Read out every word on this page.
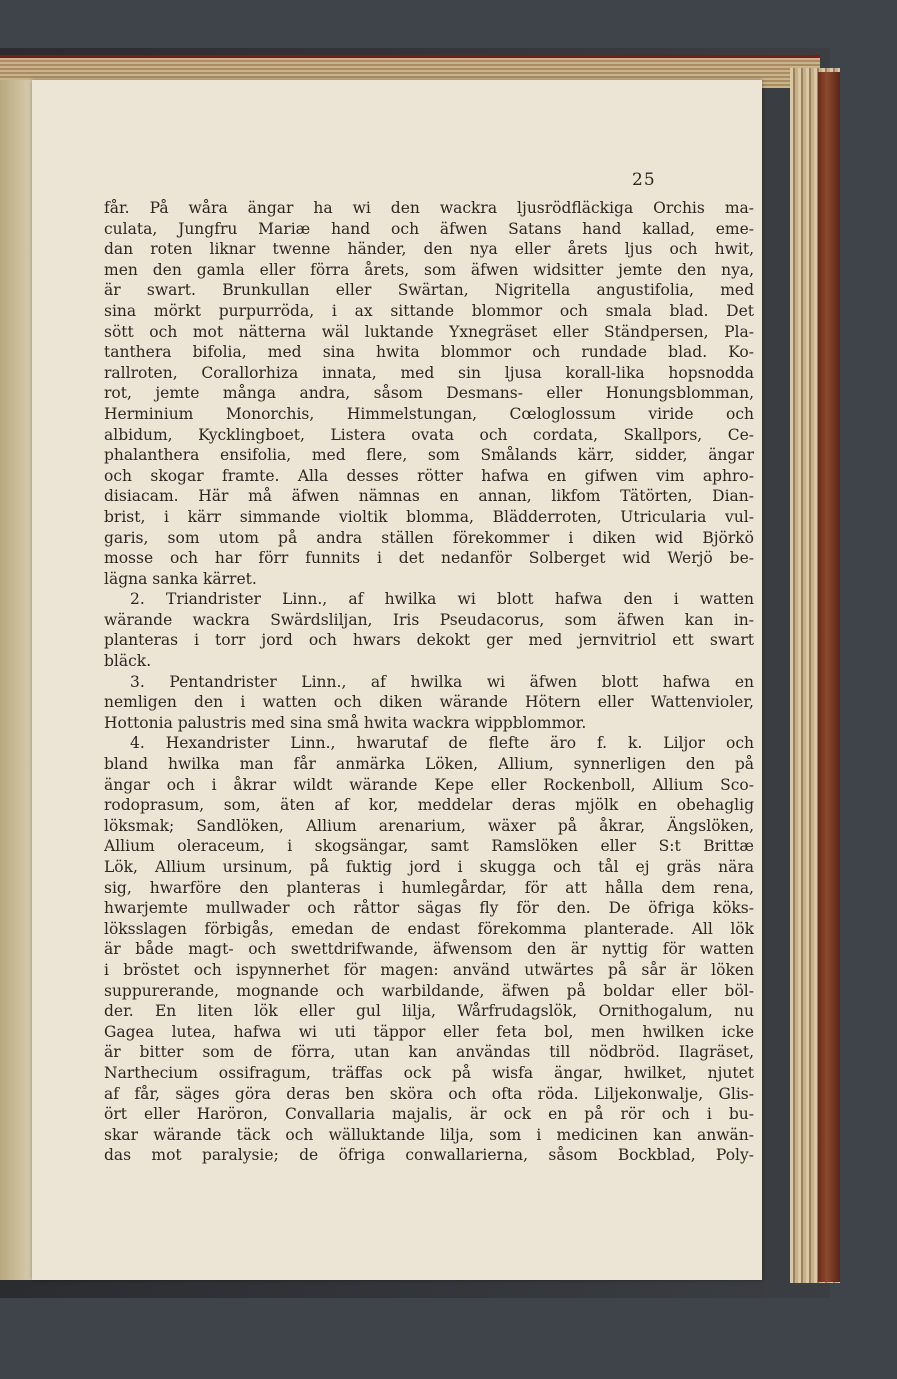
25
får. På wåra ängar ha wi den wackra ljusrödfläckiga Orchis ma-
culata, Jungfru Mariæ hand och äfwen Satans hand kallad, eme-
dan roten liknar twenne händer, den nya eller årets ljus och hwit,
men den gamla eller förra årets, som äfwen widsitter jemte den nya,
är swart. Brunkullan eller Swärtan, Nigritella angustifolia, med
sina mörkt purpurröda, i ax sittande blommor och smala blad. Det
sött och mot nätterna wäl luktande Yxnegräset eller Ständpersen, Pla-
tanthera bifolia, med sina hwita blommor och rundade blad. Ko-
rallroten, Corallorhiza innata, med sin ljusa korall-lika hopsnodda
rot, jemte många andra, såsom Desmans- eller Honungsblomman,
Herminium Monorchis, Himmelstungan, Cœloglossum viride och
albidum, Kycklingboet, Listera ovata och cordata, Skallpors, Ce-
phalanthera ensifolia, med flere, som Smålands kärr, sidder, ängar
och skogar framte. Alla desses rötter hafwa en gifwen vim aphro-
disiacam. Här må äfwen nämnas en annan, likfom Tätörten, Dian-
brist, i kärr simmande violtik blomma, Blädderroten, Utricularia vul-
garis, som utom på andra ställen förekommer i diken wid Björkö
mosse och har förr funnits i det nedanför Solberget wid Werjö be-
lägna sanka kärret.
2. Triandrister Linn., af hwilka wi blott hafwa den i watten
wärande wackra Swärdsliljan, Iris Pseudacorus, som äfwen kan in-
planteras i torr jord och hwars dekokt ger med jernvitriol ett swart
bläck.
3. Pentandrister Linn., af hwilka wi äfwen blott hafwa en
nemligen den i watten och diken wärande Hötern eller Wattenvioler,
Hottonia palustris med sina små hwita wackra wippblommor.
4. Hexandrister Linn., hwarutaf de flefte äro f. k. Liljor och
bland hwilka man får anmärka Löken, Allium, synnerligen den på
ängar och i åkrar wildt wärande Kepe eller Rockenboll, Allium Sco-
rodoprasum, som, äten af kor, meddelar deras mjölk en obehaglig
löksmak; Sandlöken, Allium arenarium, wäxer på åkrar, Ängslöken,
Allium oleraceum, i skogsängar, samt Ramslöken eller S:t Brittæ
Lök, Allium ursinum, på fuktig jord i skugga och tål ej gräs nära
sig, hwarföre den planteras i humlegårdar, för att hålla dem rena,
hwarjemte mullwader och råttor sägas fly för den. De öfriga köks-
löksslagen förbigås, emedan de endast förekomma planterade. All lök
är både magt- och swettdrifwande, äfwensom den är nyttig för watten
i bröstet och ispynnerhet för magen: använd utwärtes på sår är löken
suppurerande, mognande och warbildande, äfwen på boldar eller böl-
der. En liten lök eller gul lilja, Wårfrudagslök, Ornithogalum, nu
Gagea lutea, hafwa wi uti täppor eller feta bol, men hwilken icke
är bitter som de förra, utan kan användas till nödbröd. Ilagräset,
Narthecium ossifragum, träffas ock på wisfa ängar, hwilket, njutet
af får, säges göra deras ben sköra och ofta röda. Liljekonwalje, Glis-
ört eller Haröron, Convallaria majalis, är ock en på rör och i bu-
skar wärande täck och wälluktande lilja, som i medicinen kan anwän-
das mot paralysie; de öfriga conwallarierna, såsom Bockblad, Poly-
